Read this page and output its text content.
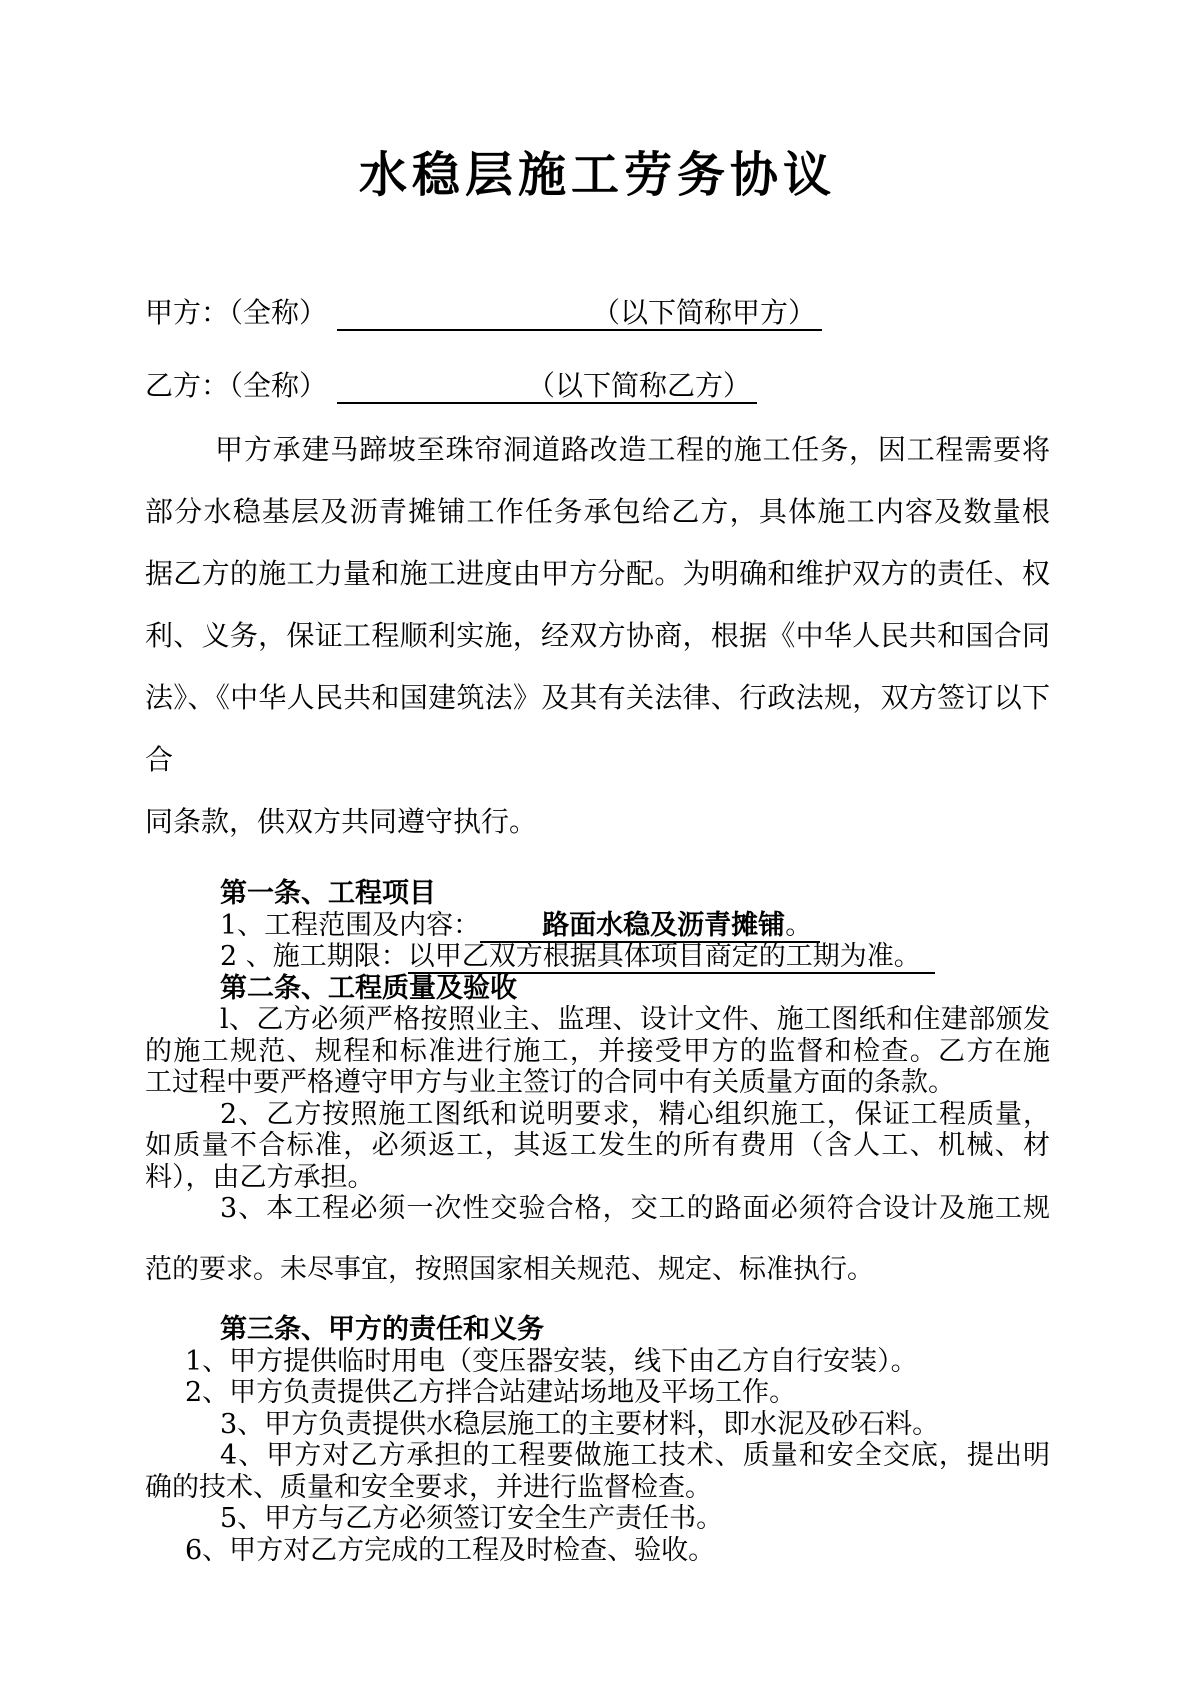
水稳层施工劳务协议
甲方：（全称）	（以下简称甲方）
乙方：（全称）	（以下简称乙方）
甲方承建马蹄坡至珠帘洞道路改造工程的施工任务，因工程需要将
部分水稳基层及沥青摊铺工作任务承包给乙方，具体施工内容及数量根
据乙方的施工力量和施工进度由甲方分配。为明确和维护双方的责任、权
利、义务，保证工程顺利实施，经双方协商，根据《中华人民共和国合同
法》、《中华人民共和国建筑法》及其有关法律、行政法规，双方签订以下合
同条款，供双方共同遵守执行。
第一条、工程项目
1、工程范围及内容： 路面水稳及沥青摊铺。
2 、施工期限：以甲乙双方根据具体项目商定的工期为准。
第二条、工程质量及验收
l、乙方必须严格按照业主、监理、设计文件、施工图纸和住建部颁发
的施工规范、规程和标准进行施工，并接受甲方的监督和检查。乙方在施
工过程中要严格遵守甲方与业主签订的合同中有关质量方面的条款。
2、乙方按照施工图纸和说明要求，精心组织施工，保证工程质量，
如质量不合标准，必须返工，其返工发生的所有费用（含人工、机械、材
料），由乙方承担。
3、本工程必须一次性交验合格，交工的路面必须符合设计及施工规
范的要求。未尽事宜，按照国家相关规范、规定、标准执行。
第三条、甲方的责任和义务
1、甲方提供临时用电（变压器安装，线下由乙方自行安装）。
2、甲方负责提供乙方拌合站建站场地及平场工作。
3、甲方负责提供水稳层施工的主要材料，即水泥及砂石料。
4、甲方对乙方承担的工程要做施工技术、质量和安全交底，提出明
确的技术、质量和安全要求，并进行监督检查。
5、甲方与乙方必须签订安全生产责任书。
6、甲方对乙方完成的工程及时检查、验收。
